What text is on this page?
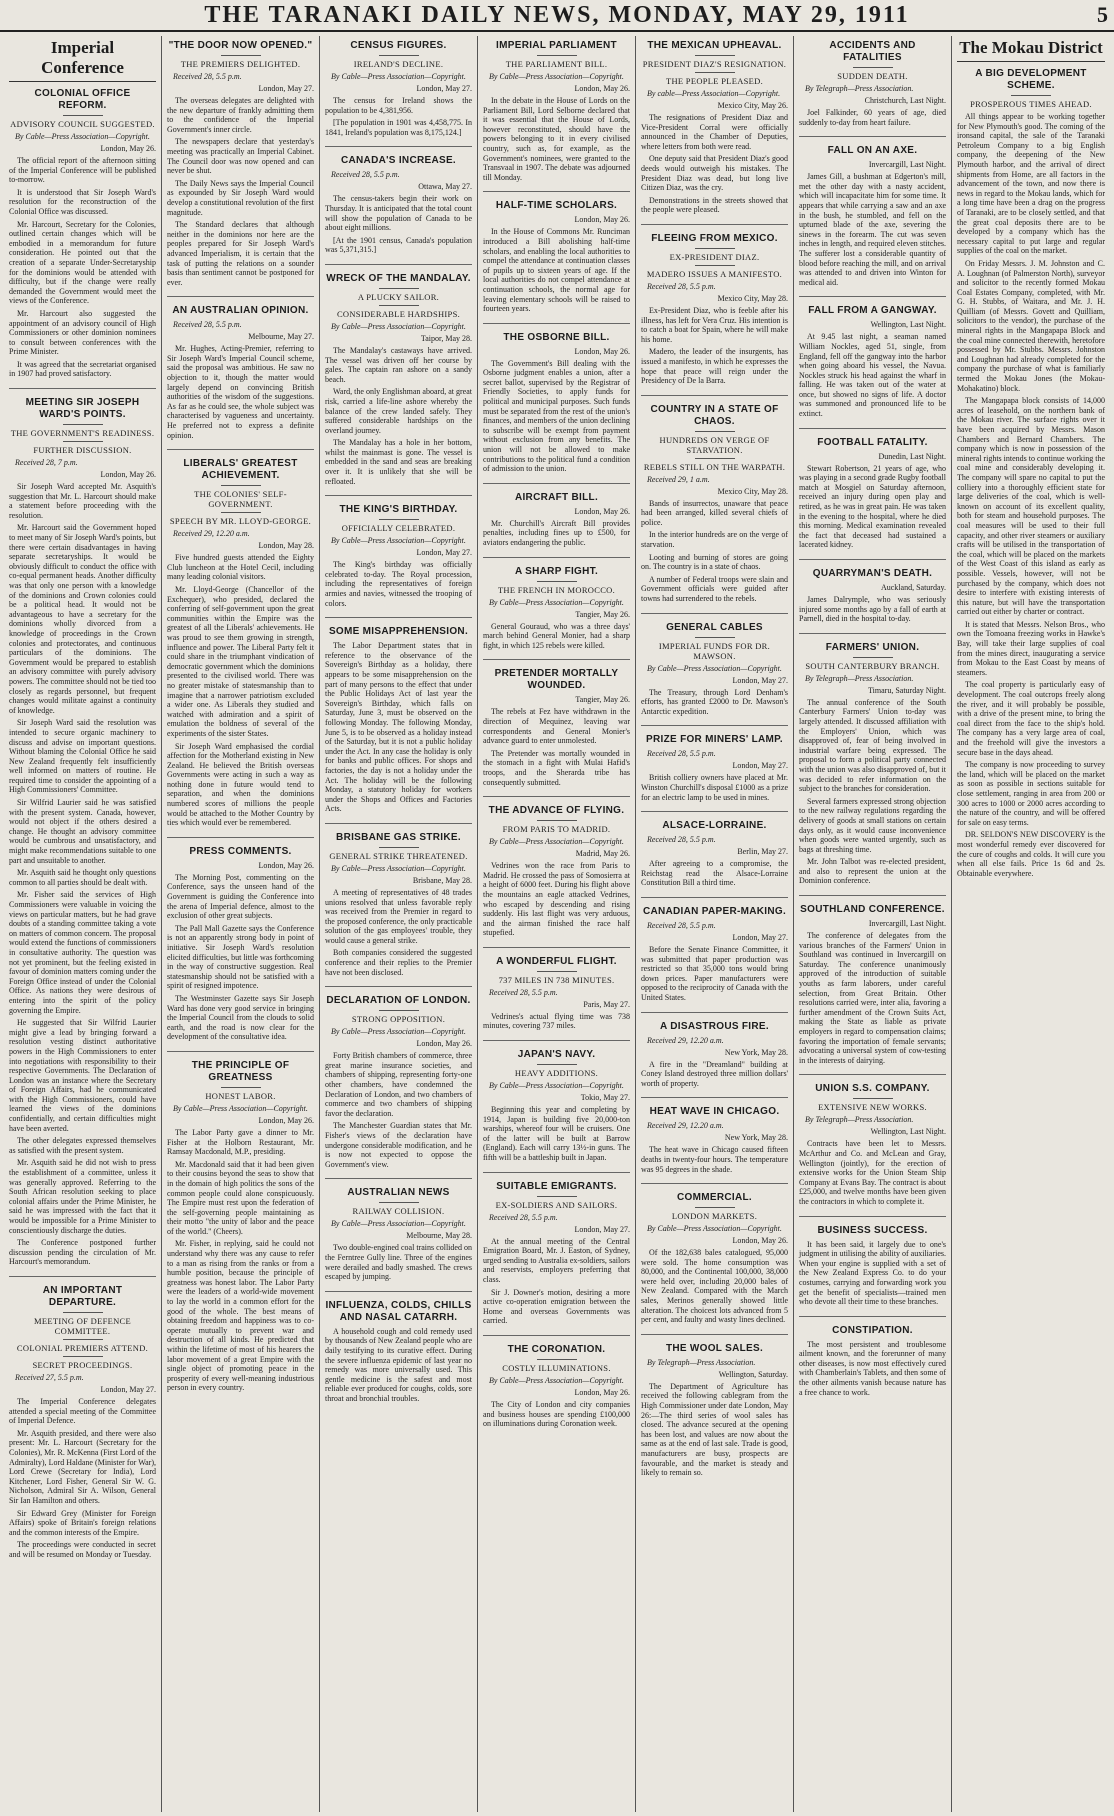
THE TARANAKI DAILY NEWS, MONDAY, MAY 29, 1911	5
Imperial Conference
COLONIAL OFFICE REFORM.
ADVISORY COUNCIL SUGGESTED.
By Cable—Press Association—Copyright.
London, May 26.

The official report of the afternoon sitting of the Imperial Conference will be published to-morrow.

It is understood that Sir Joseph Ward's resolution for the reconstruction of the Colonial Office was discussed.

Mr. Harcourt, Secretary for the Colonies, outlined certain changes which will be embodied in a memorandum for future consideration. He pointed out that the creation of a separate Under-Secretaryship for the dominions would be attended with difficulty, but if the change were really demanded the Government would meet the views of the Conference.

Mr. Harcourt also suggested the appointment of an advisory council of High Commissioners or other dominion nominees to consult between conferences with the Prime Minister.

It was agreed that the secretariat organised in 1907 had proved satisfactory.

MEETING SIR JOSEPH WARD'S POINTS.
THE GOVERNMENT'S READINESS.
FURTHER DISCUSSION.
Received 28, 7 p.m.
London, May 26.

Sir Joseph Ward accepted Mr. Asquith's suggestion that Mr. L. Harcourt should make a statement before proceeding with the resolution.

Mr. Harcourt said the Government hoped to meet many of Sir Joseph Ward's points, but there were certain disadvantages in having separate secretaryships. It would be obviously difficult to conduct the office with co-equal permanent heads. Another difficulty was that only one person with a knowledge of the dominions and Crown colonies could be a political head. It would not be advantageous to have a secretary for the dominions wholly divorced from a knowledge of proceedings in the Crown colonies and protectorates, and continuous particulars of the dominions. The Government would be prepared to establish an advisory committee with purely advisory powers. The committee should not be tied too closely as regards personnel, but frequent changes would militate against a continuity of knowledge.

Sir Joseph Ward said the resolution was intended to secure organic machinery to discuss and advise on important questions. Without blaming the Colonial Office he said New Zealand frequently felt insufficiently well informed on matters of routine. He required time to consider the appointing of a High Commissioners' Committee.

Sir Wilfrid Laurier said he was satisfied with the present system. Canada, however, would not object if the others desired a change. He thought an advisory committee would be cumbrous and unsatisfactory, and might make recommendations suitable to one part and unsuitable to another.

Mr. Asquith said he thought only questions common to all parties should be dealt with.

Mr. Fisher said the services of High Commissioners were valuable in voicing the views on particular matters, but he had grave doubts of a standing committee taking a vote on matters of common concern. The proposal would extend the functions of commissioners in consultative authority. The question was not yet prominent, but the feeling existed in favour of dominion matters coming under the Foreign Office instead of under the Colonial Office. As nations they were desirous of entering into the spirit of the policy governing the Empire.

He suggested that Sir Wilfrid Laurier might give a lead by bringing forward a resolution vesting distinct authoritative powers in the High Commissioners to enter into negotiations with responsibility to their respective Governments. The Declaration of London was an instance where the Secretary of Foreign Affairs, had he communicated with the High Commissioners, could have learned the views of the dominions confidentially, and certain difficulties might have been averted.

The other delegates expressed themselves as satisfied with the present system.

Mr. Asquith said he did not wish to press the establishment of a committee, unless it was generally approved. Referring to the South African resolution seeking to place colonial affairs under the Prime Minister, he said he was impressed with the fact that it would be impossible for a Prime Minister to conscientiously discharge the duties.

The Conference postponed further discussion pending the circulation of Mr. Harcourt's memorandum.

AN IMPORTANT DEPARTURE.
MEETING OF DEFENCE COMMITTEE.
COLONIAL PREMIERS ATTEND.
SECRET PROCEEDINGS.
Received 27, 5.5 p.m.
London, May 27.

The Imperial Conference delegates attended a special meeting of the Committee of Imperial Defence.

Mr. Asquith presided, and there were also present: Mr. L. Harcourt (Secretary for the Colonies), Mr. R. McKenna (First Lord of the Admiralty), Lord Haldane (Minister for War), Lord Crewe (Secretary for India), Lord Kitchener, Lord Fisher, General Sir W. G. Nicholson, Admiral Sir A. Wilson, General Sir Ian Hamilton and others.

Sir Edward Grey (Minister for Foreign Affairs) spoke of Britain's foreign relations and the common interests of the Empire.

The proceedings were conducted in secret and will be resumed on Monday or Tuesday.

"THE DOOR NOW OPENED."
THE PREMIERS DELIGHTED.
Received 28, 5.5 p.m.
London, May 27.

The overseas delegates are delighted with the new departure of frankly admitting them to the confidence of the Imperial Government's inner circle.

The newspapers declare that yesterday's meeting was practically an Imperial Cabinet. The Council door was now opened and can never be shut.

The Daily News says the Imperial Council as expounded by Sir Joseph Ward would develop a constitutional revolution of the first magnitude.

The Standard declares that although neither in the dominions nor here are the peoples prepared for Sir Joseph Ward's advanced Imperialism, it is certain that the task of putting the relations on a sounder basis than sentiment cannot be postponed for ever.

AN AUSTRALIAN OPINION.
Received 28, 5.5 p.m.
Melbourne, May 27.

Mr. Hughes, Acting-Premier, referring to Sir Joseph Ward's Imperial Council scheme, said the proposal was ambitious. He saw no objection to it, though the matter would largely depend on convincing British authorities of the wisdom of the suggestions. As far as he could see, the whole subject was characterised by vagueness and uncertainty. He preferred not to express a definite opinion.

LIBERALS' GREATEST ACHIEVEMENT.
THE COLONIES' SELF-GOVERNMENT.
SPEECH BY MR. LLOYD-GEORGE.
Received 29, 12.20 a.m.
London, May 28.

Five hundred guests attended the Eighty Club luncheon at the Hotel Cecil, including many leading colonial visitors.

Mr. Lloyd-George (Chancellor of the Exchequer), who presided, declared the conferring of self-government upon the great communities within the Empire was the greatest of all the Liberals' achievements. He was proud to see them growing in strength, influence and power. The Liberal Party felt it could share in the triumphant vindication of democratic government which the dominions presented to the civilised world. There was no greater mistake of statesmanship than to imagine that a narrower patriotism excluded a wider one. As Liberals they studied and watched with admiration and a spirit of emulation the boldness of several of the experiments of the sister States.

Sir Joseph Ward emphasised the cordial affection for the Motherland existing in New Zealand. He believed the British overseas Governments were acting in such a way as nothing done in future would tend to separation, and when the dominions numbered scores of millions the people would be attached to the Mother Country by ties which would ever be remembered.

PRESS COMMENTS.
London, May 26.

The Morning Post, commenting on the Conference, says the unseen hand of the Government is guiding the Conference into the arena of Imperial defence, almost to the exclusion of other great subjects.

The Pall Mall Gazette says the Conference is not an apparently strong body in point of initiative. Sir Joseph Ward's resolution elicited difficulties, but little was forthcoming in the way of constructive suggestion. Real statesmanship should not be satisfied with a spirit of resigned impotence.

The Westminster Gazette says Sir Joseph Ward has done very good service in bringing the Imperial Council from the clouds to solid earth, and the road is now clear for the development of the consultative idea.

THE PRINCIPLE OF GREATNESS
HONEST LABOR.
By Cable—Press Association—Copyright.
London, May 26.

The Labor Party gave a dinner to Mr. Fisher at the Holborn Restaurant, Mr. Ramsay Macdonald, M.P., presiding.

Mr. Macdonald said that it had been given to their cousins beyond the seas to show that in the domain of high politics the sons of the common people could alone conspicuously. The Empire must rest upon the federation of the self-governing people maintaining as their motto "the unity of labor and the peace of the world." (Cheers).

Mr. Fisher, in replying, said he could not understand why there was any cause to refer to a man as rising from the ranks or from a humble position, because the principle of greatness was honest labor. The Labor Party were the leaders of a world-wide movement to lay the world in a common effort for the good of the whole. The best means of obtaining freedom and happiness was to co-operate mutually to prevent war and destruction of all kinds. He predicted that within the lifetime of most of his hearers the labor movement of a great Empire with the single object of promoting peace in the prosperity of every well-meaning industrious person in every country.

CENSUS FIGURES.
IRELAND'S DECLINE.
By Cable—Press Association—Copyright.
London, May 27.

The census for Ireland shows the population to be 4,381,956.

[The population in 1901 was 4,458,775. In 1841, Ireland's population was 8,175,124.]

CANADA'S INCREASE.
Received 28, 5.5 p.m.
Ottawa, May 27.

The census-takers begin their work on Thursday. It is anticipated that the total count will show the population of Canada to be about eight millions.

[At the 1901 census, Canada's population was 5,371,315.]

WRECK OF THE MANDALAY.
A PLUCKY SAILOR.
CONSIDERABLE HARDSHIPS.
By Cable—Press Association—Copyright.
Taipor, May 28.

The Mandalay's castaways have arrived. The vessel was driven off her course by gales. The captain ran ashore on a sandy beach.

Ward, the only Englishman aboard, at great risk, carried a life-line ashore whereby the balance of the crew landed safely. They suffered considerable hardships on the overland journey.

The Mandalay has a hole in her bottom, whilst the mainmast is gone. The vessel is embedded in the sand and seas are breaking over it. It is unlikely that she will be refloated.

THE KING'S BIRTHDAY.
OFFICIALLY CELEBRATED.
By Cable—Press Association—Copyright.
London, May 27.

The King's birthday was officially celebrated to-day. The Royal procession, including the representatives of foreign armies and navies, witnessed the trooping of colors.

SOME MISAPPREHENSION.

The Labor Department states that in reference to the observance of the Sovereign's Birthday as a holiday, there appears to be some misapprehension on the part of many persons to the effect that under the Public Holidays Act of last year the Sovereign's Birthday, which falls on Saturday, June 3, must be observed on the following Monday. The following Monday, June 5, is to be observed as a holiday instead of the Saturday, but it is not a public holiday under the Act. In any case the holiday is only for banks and public offices. For shops and factories, the day is not a holiday under the Act. The holiday will be the following Monday, a statutory holiday for workers under the Shops and Offices and Factories Acts.

BRISBANE GAS STRIKE.
GENERAL STRIKE THREATENED.
By Cable—Press Association—Copyright.
Brisbane, May 28.

A meeting of representatives of 48 trades unions resolved that unless favorable reply was received from the Premier in regard to the proposed conference, the only practicable solution of the gas employees' trouble, they would cause a general strike.

Both companies considered the suggested conference and their replies to the Premier have not been disclosed.

DECLARATION OF LONDON.
STRONG OPPOSITION.
By Cable—Press Association—Copyright.
London, May 26.

Forty British chambers of commerce, three great marine insurance societies, and chambers of shipping, representing forty-one other chambers, have condemned the Declaration of London, and two chambers of commerce and two chambers of shipping favor the declaration.

The Manchester Guardian states that Mr. Fisher's views of the declaration have undergone considerable modification, and he is now not expected to oppose the Government's view.

AUSTRALIAN NEWS
RAILWAY COLLISION.
By Cable—Press Association—Copyright.
Melbourne, May 28.

Two double-engined coal trains collided on the Ferntree Gully line. Three of the engines were derailed and badly smashed. The crews escaped by jumping.

INFLUENZA, COLDS, CHILLS AND NASAL CATARRH.

A household cough and cold remedy used by thousands of New Zealand people who are daily testifying to its curative effect. During the severe influenza epidemic of last year no remedy was more universally used. This gentle medicine is the safest and most reliable ever produced for coughs, colds, sore throat and bronchial troubles.

IMPERIAL PARLIAMENT
THE PARLIAMENT BILL.
By Cable—Press Association—Copyright.
London, May 26.

In the debate in the House of Lords on the Parliament Bill, Lord Selborne declared that it was essential that the House of Lords, however reconstituted, should have the powers belonging to it in every civilised country, such as, for example, as the Government's nominees, were granted to the Transvaal in 1907. The debate was adjourned till Monday.

HALF-TIME SCHOLARS.
London, May 26.

In the House of Commons Mr. Runciman introduced a Bill abolishing half-time scholars, and enabling the local authorities to compel the attendance at continuation classes of pupils up to sixteen years of age. If the local authorities do not compel attendance at continuation schools, the normal age for leaving elementary schools will be raised to fourteen years.

THE OSBORNE BILL.
London, May 26.

The Government's Bill dealing with the Osborne judgment enables a union, after a secret ballot, supervised by the Registrar of Friendly Societies, to apply funds for political and municipal purposes. Such funds must be separated from the rest of the union's finances, and members of the union declining to subscribe will be exempt from payment without exclusion from any benefits. The union will not be allowed to make contributions to the political fund a condition of admission to the union.

AIRCRAFT BILL.
London, May 26.

Mr. Churchill's Aircraft Bill provides penalties, including fines up to £500, for aviators endangering the public.

A SHARP FIGHT.
THE FRENCH IN MOROCCO.
By Cable—Press Association—Copyright.
Tangier, May 26.

General Gouraud, who was a three days' march behind General Monier, had a sharp fight, in which 125 rebels were killed.

PRETENDER MORTALLY WOUNDED.
Tangier, May 26.

The rebels at Fez have withdrawn in the direction of Mequinez, leaving war correspondents and General Monier's advance guard to enter unmolested.

The Pretender was mortally wounded in the stomach in a fight with Mulai Hafid's troops, and the Sherarda tribe has consequently submitted.

THE ADVANCE OF FLYING.
FROM PARIS TO MADRID.
By Cable—Press Association—Copyright.
Madrid, May 26.

Vedrines won the race from Paris to Madrid. He crossed the pass of Somosierra at a height of 6000 feet. During his flight above the mountains an eagle attacked Vedrines, who escaped by descending and rising suddenly. His last flight was very arduous, and the airman finished the race half stupefied.

A WONDERFUL FLIGHT.
737 MILES IN 738 MINUTES.
Received 28, 5.5 p.m.
Paris, May 27.

Vedrines's actual flying time was 738 minutes, covering 737 miles.

JAPAN'S NAVY.
HEAVY ADDITIONS.
By Cable—Press Association—Copyright.
Tokio, May 27.

Beginning this year and completing by 1914, Japan is building five 20,000-ton warships, whereof four will be cruisers. One of the latter will be built at Barrow (England). Each will carry 13½-in guns. The fifth will be a battleship built in Japan.

SUITABLE EMIGRANTS.
EX-SOLDIERS AND SAILORS.
Received 28, 5.5 p.m.
London, May 27.

At the annual meeting of the Central Emigration Board, Mr. J. Easton, of Sydney, urged sending to Australia ex-soldiers, sailors and reservists, employers preferring that class.

Sir J. Downer's motion, desiring a more active co-operation emigration between the Home and overseas Governments was carried.

THE CORONATION.
COSTLY ILLUMINATIONS.
By Cable—Press Association—Copyright.
London, May 26.

The City of London and city companies and business houses are spending £100,000 on illuminations during Coronation week.

THE MEXICAN UPHEAVAL.
PRESIDENT DIAZ'S RESIGNATION.
THE PEOPLE PLEASED.
By cable—Press Association—Copyright.
Mexico City, May 26.

The resignations of President Diaz and Vice-President Corral were officially announced in the Chamber of Deputies, where letters from both were read.

One deputy said that President Diaz's good deeds would outweigh his mistakes. The President Diaz was dead, but long live Citizen Diaz, was the cry.

Demonstrations in the streets showed that the people were pleased.

FLEEING FROM MEXICO.
EX-PRESIDENT DIAZ.
MADERO ISSUES A MANIFESTO.
Received 28, 5.5 p.m.
Mexico City, May 28.

Ex-President Diaz, who is feeble after his illness, has left for Vera Cruz. His intention is to catch a boat for Spain, where he will make his home.

Madero, the leader of the insurgents, has issued a manifesto, in which he expresses the hope that peace will reign under the Presidency of De la Barra.

COUNTRY IN A STATE OF CHAOS.
HUNDREDS ON VERGE OF STARVATION.
REBELS STILL ON THE WARPATH.
Received 29, 1 a.m.
Mexico City, May 28.

Bands of insurrectos, unaware that peace had been arranged, killed several chiefs of police.

In the interior hundreds are on the verge of starvation.

Looting and burning of stores are going on. The country is in a state of chaos.

A number of Federal troops were slain and Government officials were guided after towns had surrendered to the rebels.

GENERAL CABLES
IMPERIAL FUNDS FOR DR. MAWSON.
By Cable—Press Association—Copyright.
London, May 27.

The Treasury, through Lord Denham's efforts, has granted £2000 to Dr. Mawson's Antarctic expedition.

PRIZE FOR MINERS' LAMP.
Received 28, 5.5 p.m.
London, May 27.

British colliery owners have placed at Mr. Winston Churchill's disposal £1000 as a prize for an electric lamp to be used in mines.

ALSACE-LORRAINE.
Received 28, 5.5 p.m.
Berlin, May 27.

After agreeing to a compromise, the Reichstag read the Alsace-Lorraine Constitution Bill a third time.

CANADIAN PAPER-MAKING.
Received 28, 5.5 p.m.
London, May 27.

Before the Senate Finance Committee, it was submitted that paper production was restricted so that 35,000 tons would bring down prices. Paper manufacturers were opposed to the reciprocity of Canada with the United States.

A DISASTROUS FIRE.
Received 29, 12.20 a.m.
New York, May 28.

A fire in the "Dreamland" building at Coney Island destroyed three million dollars' worth of property.

HEAT WAVE IN CHICAGO.
Received 29, 12.20 a.m.
New York, May 28.

The heat wave in Chicago caused fifteen deaths in twenty-four hours. The temperature was 95 degrees in the shade.

COMMERCIAL.
LONDON MARKETS.
By Cable—Press Association—Copyright.
London, May 26.

Of the 182,638 bales catalogued, 95,000 were sold. The home consumption was 80,000, and the Continental 100,000, 38,000 were held over, including 20,000 bales of New Zealand. Compared with the March sales, Merinos generally showed little alteration. The choicest lots advanced from 5 per cent, and faulty and wasty lines declined.

THE WOOL SALES.
By Telegraph—Press Association.
Wellington, Saturday.

The Department of Agriculture has received the following cablegram from the High Commissioner under date London, May 26:—The third series of wool sales has closed. The advance secured at the opening has been lost, and values are now about the same as at the end of last sale. Trade is good, manufacturers are busy, prospects are favourable, and the market is steady and likely to remain so.

ACCIDENTS AND FATALITIES
SUDDEN DEATH.
By Telegraph—Press Association.
Christchurch, Last Night.

Joel Falkinder, 60 years of age, died suddenly to-day from heart failure.

FALL ON AN AXE.
Invercargill, Last Night.

James Gill, a bushman at Edgerton's mill, met the other day with a nasty accident, which will incapacitate him for some time. It appears that while carrying a saw and an axe in the bush, he stumbled, and fell on the upturned blade of the axe, severing the sinews in the forearm. The cut was seven inches in length, and required eleven stitches. The sufferer lost a considerable quantity of blood before reaching the mill, and on arrival was attended to and driven into Winton for medical aid.

FALL FROM A GANGWAY.
Wellington, Last Night.

At 9.45 last night, a seaman named William Nockles, aged 51, single, from England, fell off the gangway into the harbor when going aboard his vessel, the Navua. Nockles struck his head against the wharf in falling. He was taken out of the water at once, but showed no signs of life. A doctor was summoned and pronounced life to be extinct.

FOOTBALL FATALITY.
Dunedin, Last Night.

Stewart Robertson, 21 years of age, who was playing in a second grade Rugby football match at Mosgiel on Saturday afternoon, received an injury during open play and retired, as he was in great pain. He was taken in the evening to the hospital, where he died this morning. Medical examination revealed the fact that deceased had sustained a lacerated kidney.

QUARRYMAN'S DEATH.
Auckland, Saturday.

James Dalrymple, who was seriously injured some months ago by a fall of earth at Parnell, died in the hospital to-day.

FARMERS' UNION.
SOUTH CANTERBURY BRANCH.
By Telegraph—Press Association.
Timaru, Saturday Night.

The annual conference of the South Canterbury Farmers' Union to-day was largely attended. It discussed affiliation with the Employers' Union, which was disapproved of, fear of being involved in industrial warfare being expressed. The proposal to form a political party connected with the union was also disapproved of, but it was decided to refer information on the subject to the branches for consideration.

Several farmers expressed strong objection to the new railway regulations regarding the delivery of goods at small stations on certain days only, as it would cause inconvenience when goods were wanted urgently, such as bags at threshing time.

Mr. John Talbot was re-elected president, and also to represent the union at the Dominion conference.

SOUTHLAND CONFERENCE.
Invercargill, Last Night.

The conference of delegates from the various branches of the Farmers' Union in Southland was continued in Invercargill on Saturday. The conference unanimously approved of the introduction of suitable youths as farm laborers, under careful selection, from Great Britain. Other resolutions carried were, inter alia, favoring a further amendment of the Crown Suits Act, making the State as liable as private employers in regard to compensation claims; favoring the importation of female servants; advocating a universal system of cow-testing in the interests of dairying.

UNION S.S. COMPANY.
EXTENSIVE NEW WORKS.
By Telegraph—Press Association.
Wellington, Last Night.

Contracts have been let to Messrs. McArthur and Co. and McLean and Gray, Wellington (jointly), for the erection of extensive works for the Union Steam Ship Company at Evans Bay. The contract is about £25,000, and twelve months have been given the contractors in which to complete it.

BUSINESS SUCCESS.

It has been said, it largely due to one's judgment in utilising the ability of auxiliaries. When your engine is supplied with a set of the New Zealand Express Co. to do your costumes, carrying and forwarding work you get the benefit of specialists—trained men who devote all their time to these branches.

CONSTIPATION.

The most persistent and troublesome ailment known, and the forerunner of many other diseases, is now most effectively cured with Chamberlain's Tablets, and then some of the other ailments vanish because nature has a free chance to work.

The Mokau District
A BIG DEVELOPMENT SCHEME.
PROSPEROUS TIMES AHEAD.

All things appear to be working together for New Plymouth's good. The coming of the ironsand capital, the sale of the Taranaki Petroleum Company to a big English company, the deepening of the New Plymouth harbor, and the arrival of direct shipments from Home, are all factors in the advancement of the town, and now there is news in regard to the Mokau lands, which for a long time have been a drag on the progress of Taranaki, are to be closely settled, and that the great coal deposits there are to be developed by a company which has the necessary capital to put large and regular supplies of the coal on the market.

On Friday Messrs. J. M. Johnston and C. A. Loughnan (of Palmerston North), surveyor and solicitor to the recently formed Mokau Coal Estates Company, completed, with Mr. G. H. Stubbs, of Waitara, and Mr. J. H. Quilliam (of Messrs. Govett and Quilliam, solicitors to the vendor), the purchase of the mineral rights in the Mangapapa Block and the coal mine connected therewith, heretofore possessed by Mr. Stubbs. Messrs. Johnston and Loughnan had already completed for the company the purchase of what is familiarly termed the Mokau Jones (the Mokau-Mohakatino) block.

The Mangapapa block consists of 14,000 acres of leasehold, on the northern bank of the Mokau river. The surface rights over it have been acquired by Messrs. Mason Chambers and Bernard Chambers. The company which is now in possession of the mineral rights intends to continue working the coal mine and considerably developing it. The company will spare no capital to put the colliery into a thoroughly efficient state for large deliveries of the coal, which is well-known on account of its excellent quality, both for steam and household purposes. The coal measures will be used to their full capacity, and other river steamers or auxiliary crafts will be utilised in the transportation of the coal, which will be placed on the markets of the West Coast of this island as early as possible. Vessels, however, will not be purchased by the company, which does not desire to interfere with existing interests of this nature, but will have the transportation carried out either by charter or contract.

It is stated that Messrs. Nelson Bros., who own the Tomoana freezing works in Hawke's Bay, will take their large supplies of coal from the mines direct, inaugurating a service from Mokau to the East Coast by means of steamers.

The coal property is particularly easy of development. The coal outcrops freely along the river, and it will probably be possible, with a drive of the present mine, to bring the coal direct from the face to the ship's hold. The company has a very large area of coal, and the freehold will give the investors a secure base in the days ahead.

The company is now proceeding to survey the land, which will be placed on the market as soon as possible in sections suitable for close settlement, ranging in area from 200 or 300 acres to 1000 or 2000 acres according to the nature of the country, and will be offered for sale on easy terms.

DR. SELDON'S NEW DISCOVERY is the most wonderful remedy ever discovered for the cure of coughs and colds. It will cure you when all else fails. Price 1s 6d and 2s. Obtainable everywhere.
